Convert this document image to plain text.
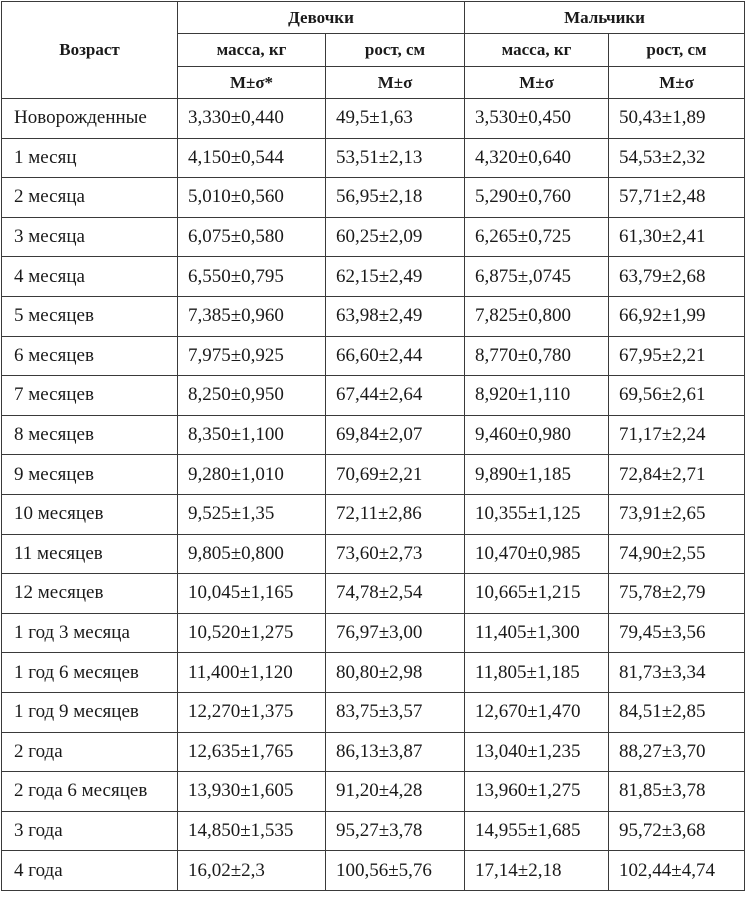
Возраст	Девочки		Мальчики	
	масса, кг	рост, см	масса, кг	рост, см
	M±σ*	M±σ	M±σ	M±σ
Новорожденные	3,330±0,440	49,5±1,63	3,530±0,450	50,43±1,89
1 месяц	4,150±0,544	53,51±2,13	4,320±0,640	54,53±2,32
2 месяца	5,010±0,560	56,95±2,18	5,290±0,760	57,71±2,48
3 месяца	6,075±0,580	60,25±2,09	6,265±0,725	61,30±2,41
4 месяца	6,550±0,795	62,15±2,49	6,875±,0745	63,79±2,68
5 месяцев	7,385±0,960	63,98±2,49	7,825±0,800	66,92±1,99
6 месяцев	7,975±0,925	66,60±2,44	8,770±0,780	67,95±2,21
7 месяцев	8,250±0,950	67,44±2,64	8,920±1,110	69,56±2,61
8 месяцев	8,350±1,100	69,84±2,07	9,460±0,980	71,17±2,24
9 месяцев	9,280±1,010	70,69±2,21	9,890±1,185	72,84±2,71
10 месяцев	9,525±1,35	72,11±2,86	10,355±1,125	73,91±2,65
11 месяцев	9,805±0,800	73,60±2,73	10,470±0,985	74,90±2,55
12 месяцев	10,045±1,165	74,78±2,54	10,665±1,215	75,78±2,79
1 год 3 месяца	10,520±1,275	76,97±3,00	11,405±1,300	79,45±3,56
1 год 6 месяцев	11,400±1,120	80,80±2,98	11,805±1,185	81,73±3,34
1 год 9 месяцев	12,270±1,375	83,75±3,57	12,670±1,470	84,51±2,85
2 года	12,635±1,765	86,13±3,87	13,040±1,235	88,27±3,70
2 года 6 месяцев	13,930±1,605	91,20±4,28	13,960±1,275	81,85±3,78
3 года	14,850±1,535	95,27±3,78	14,955±1,685	95,72±3,68
4 года	16,02±2,3	100,56±5,76	17,14±2,18	102,44±4,74
